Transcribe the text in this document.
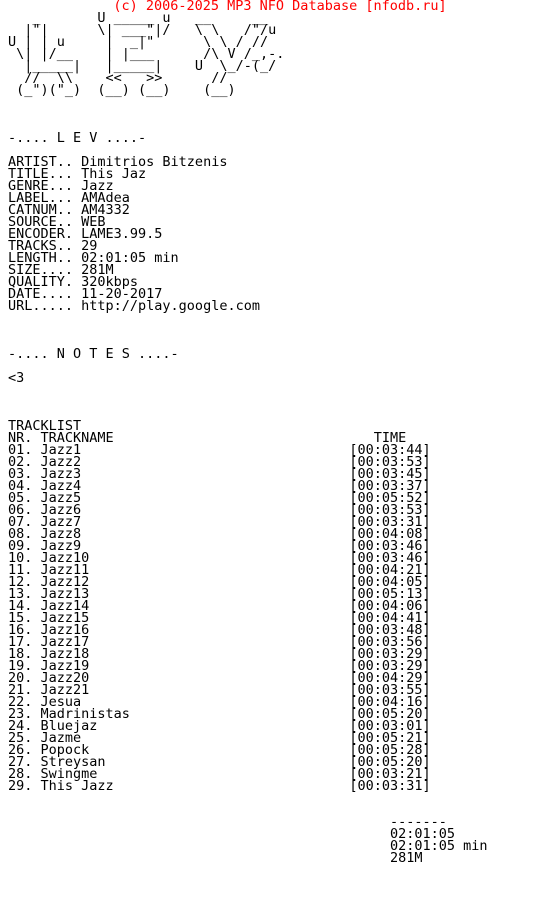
(c) 2006-2025 MP3 NFO Database [nfodb.ru]
_       U _____ u   __     __
|"|      \| ___"|/   \ \   /"/u
U | | u     |  _|"      \ \ / //
\| |/__    | |___      /\ V /_,-.
|_____|   |_____|    U  \_/-(_/
//  \\    <<   >>      //
(_")("_)  (__) (__)    (__)
-.... L E V ....-
ARTIST.. Dimitrios Bitzenis
TITLE... This Jaz
GENRE... Jazz
LABEL... AMAdea
CATNUM.. AM4332
SOURCE.. WEB
ENCODER. LAME3.99.5
TRACKS.. 29
LENGTH.. 02:01:05 min
SIZE.... 281M
QUALITY. 320kbps
DATE.... 11-20-2017
URL..... http://play.google.com
-.... N O T E S ....-
<3
TRACKLIST
NR. TRACKNAME                                TIME
01. Jazz1                                 [00:03:44]
02. Jazz2                                 [00:03:53]
03. Jazz3                                 [00:03:45]
04. Jazz4                                 [00:03:37]
05. Jazz5                                 [00:05:52]
06. Jazz6                                 [00:03:53]
07. Jazz7                                 [00:03:31]
08. Jazz8                                 [00:04:08]
09. Jazz9                                 [00:03:46]
10. Jazz10                                [00:03:46]
11. Jazz11                                [00:04:21]
12. Jazz12                                [00:04:05]
13. Jazz13                                [00:05:13]
14. Jazz14                                [00:04:06]
15. Jazz15                                [00:04:41]
16. Jazz16                                [00:03:48]
17. Jazz17                                [00:03:56]
18. Jazz18                                [00:03:29]
19. Jazz19                                [00:03:29]
20. Jazz20                                [00:04:29]
21. Jazz21                                [00:03:55]
22. Jesua                                 [00:04:16]
23. Madrinistas                           [00:05:20]
24. Bluejaz                               [00:03:01]
25. Jazme                                 [00:05:21]
26. Popock                                [00:05:28]
27. Streysan                              [00:05:20]
28. Swingme                               [00:03:21]
29. This Jazz                             [00:03:31]
-------
02:01:05
02:01:05 min
281M
